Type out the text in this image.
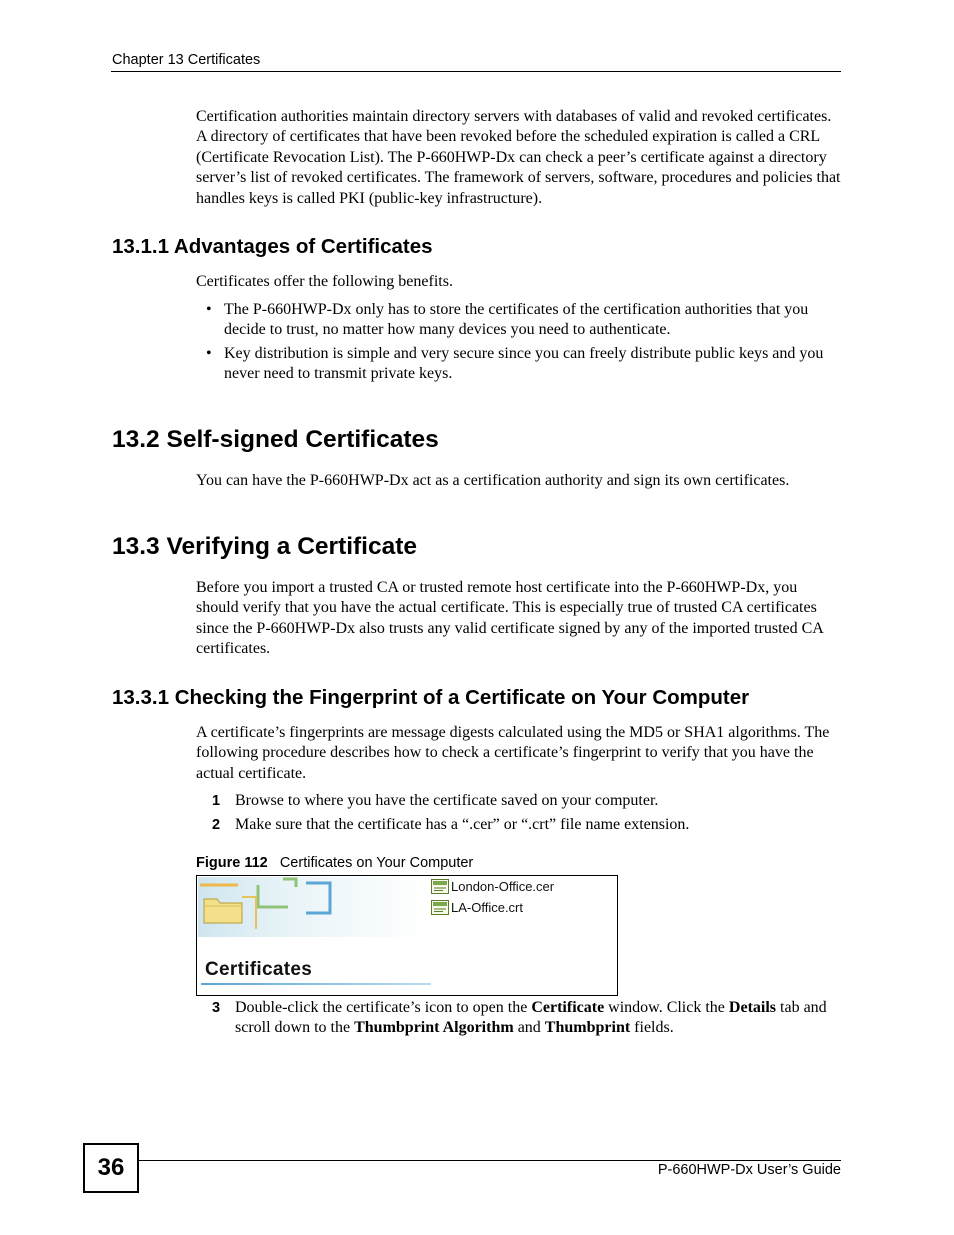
Chapter 13 Certificates
Certification authorities maintain directory servers with databases of valid and revoked certificates. A directory of certificates that have been revoked before the scheduled expiration is called a CRL (Certificate Revocation List). The P-660HWP-Dx can check a peer’s certificate against a directory server’s list of revoked certificates. The framework of servers, software, procedures and policies that handles keys is called PKI (public-key infrastructure).
13.1.1 Advantages of Certificates
Certificates offer the following benefits.
• The P-660HWP-Dx only has to store the certificates of the certification authorities that you decide to trust, no matter how many devices you need to authenticate.
• Key distribution is simple and very secure since you can freely distribute public keys and you never need to transmit private keys.
13.2 Self-signed Certificates
You can have the P-660HWP-Dx act as a certification authority and sign its own certificates.
13.3 Verifying a Certificate
Before you import a trusted CA or trusted remote host certificate into the P-660HWP-Dx, you should verify that you have the actual certificate. This is especially true of trusted CA certificates since the P-660HWP-Dx also trusts any valid certificate signed by any of the imported trusted CA certificates.
13.3.1 Checking the Fingerprint of a Certificate on Your Computer
A certificate’s fingerprints are message digests calculated using the MD5 or SHA1 algorithms. The following procedure describes how to check a certificate’s fingerprint to verify that you have the actual certificate.
1 Browse to where you have the certificate saved on your computer.
2 Make sure that the certificate has a “.cer” or “.crt” file name extension.
Figure 112 Certificates on Your Computer
Certificates
London-Office.cer
LA-Office.crt
3 Double-click the certificate’s icon to open the Certificate window. Click the Details tab and scroll down to the Thumbprint Algorithm and Thumbprint fields.
36	P-660HWP-Dx User’s Guide
